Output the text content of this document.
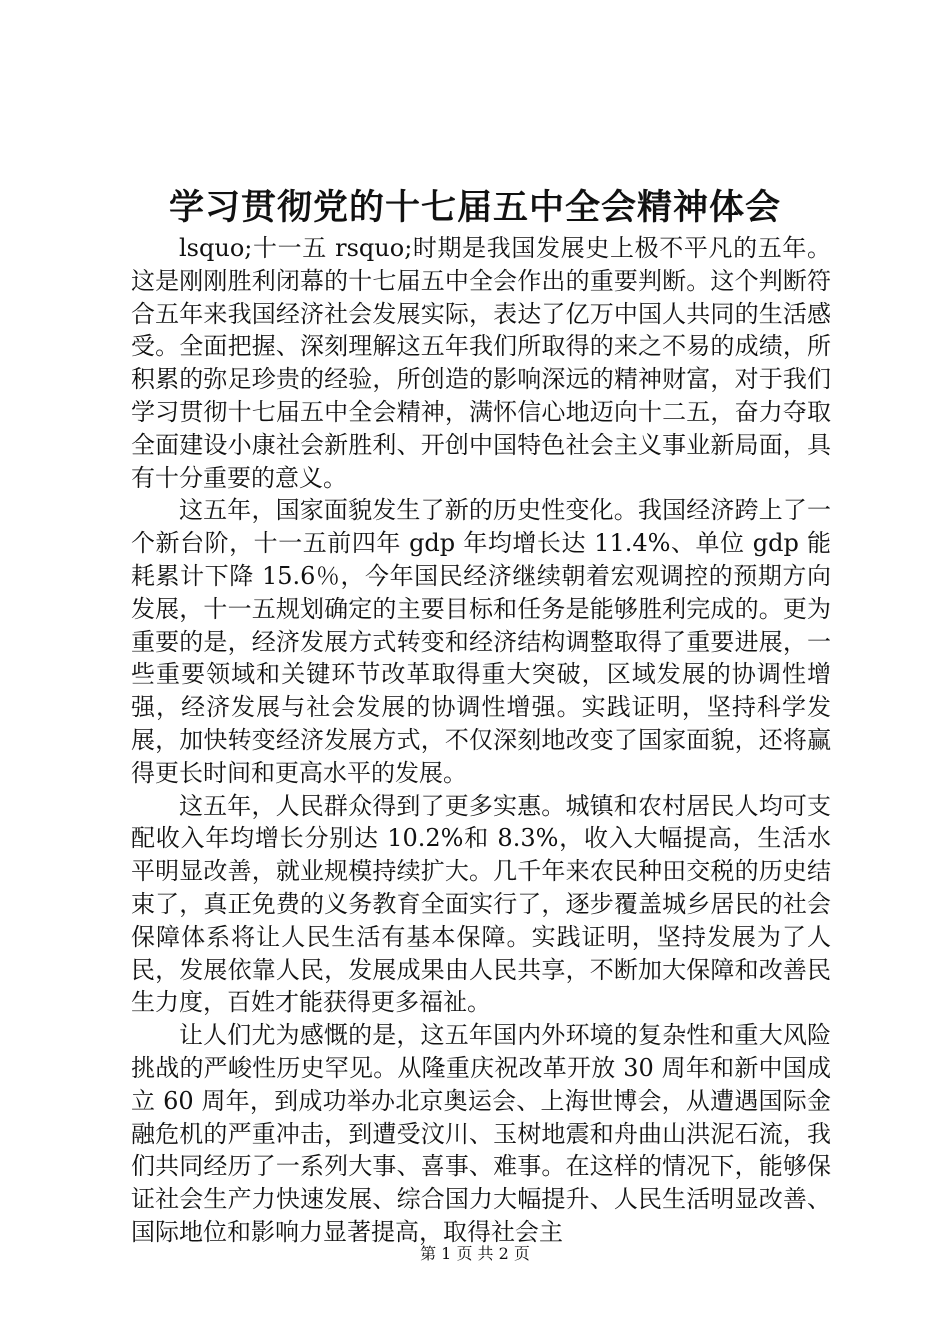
学习贯彻党的十七届五中全会精神体会

lsquo;十一五 rsquo;时期是我国发展史上极不平凡的五年。这是刚刚胜利闭幕的十七届五中全会作出的重要判断。这个判断符合五年来我国经济社会发展实际，表达了亿万中国人共同的生活感受。全面把握、深刻理解这五年我们所取得的来之不易的成绩，所积累的弥足珍贵的经验，所创造的影响深远的精神财富，对于我们学习贯彻十七届五中全会精神，满怀信心地迈向十二五，奋力夺取全面建设小康社会新胜利、开创中国特色社会主义事业新局面，具有十分重要的意义。

这五年，国家面貌发生了新的历史性变化。我国经济跨上了一个新台阶，十一五前四年 gdp 年均增长达 11.4%、单位 gdp 能耗累计下降 15.6％，今年国民经济继续朝着宏观调控的预期方向发展，十一五规划确定的主要目标和任务是能够胜利完成的。更为重要的是，经济发展方式转变和经济结构调整取得了重要进展，一些重要领域和关键环节改革取得重大突破，区域发展的协调性增强，经济发展与社会发展的协调性增强。实践证明，坚持科学发展，加快转变经济发展方式，不仅深刻地改变了国家面貌，还将赢得更长时间和更高水平的发展。

这五年，人民群众得到了更多实惠。城镇和农村居民人均可支配收入年均增长分别达 10.2%和 8.3%，收入大幅提高，生活水平明显改善，就业规模持续扩大。几千年来农民种田交税的历史结束了，真正免费的义务教育全面实行了，逐步覆盖城乡居民的社会保障体系将让人民生活有基本保障。实践证明，坚持发展为了人民，发展依靠人民，发展成果由人民共享，不断加大保障和改善民生力度，百姓才能获得更多福祉。

让人们尤为感慨的是，这五年国内外环境的复杂性和重大风险挑战的严峻性历史罕见。从隆重庆祝改革开放 30 周年和新中国成立 60 周年，到成功举办北京奥运会、上海世博会，从遭遇国际金融危机的严重冲击，到遭受汶川、玉树地震和舟曲山洪泥石流，我们共同经历了一系列大事、喜事、难事。在这样的情况下，能够保证社会生产力快速发展、综合国力大幅提升、人民生活明显改善、国际地位和影响力显著提高，取得社会主

第 1 页 共 2 页
